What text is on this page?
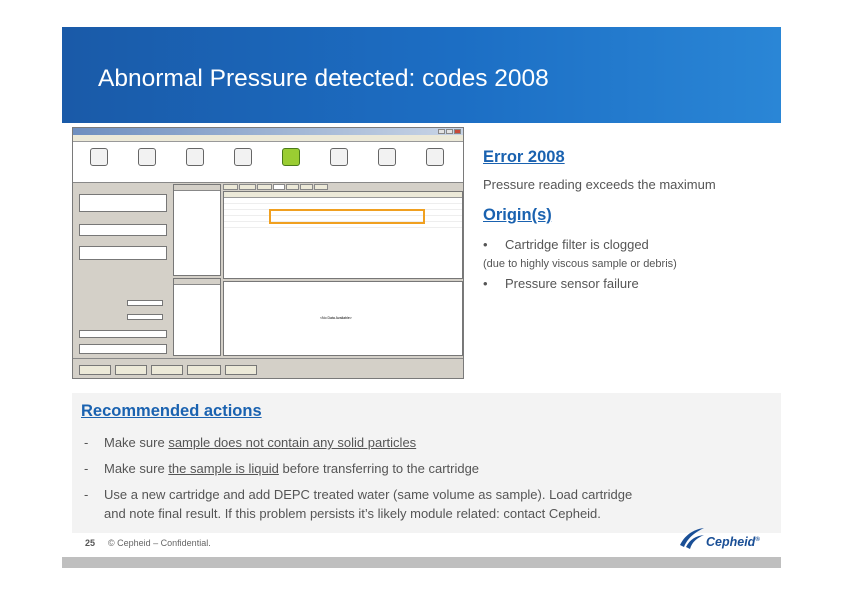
Abnormal Pressure detected: codes 2008

<No Data Available>
Error 2008
Pressure reading exceeds the maximum
Origin(s)
• Cartridge filter is clogged
(due to highly viscous sample or debris)
• Pressure sensor failure
Recommended actions
- Make sure sample does not contain any solid particles
- Make sure the sample is liquid before transferring to the cartridge
- Use a new cartridge and add DEPC treated water (same volume as sample). Load cartridge
and note final result. If this problem persists it’s likely module related: contact Cepheid.
25 © Cepheid – Confidential.	Cepheid®
